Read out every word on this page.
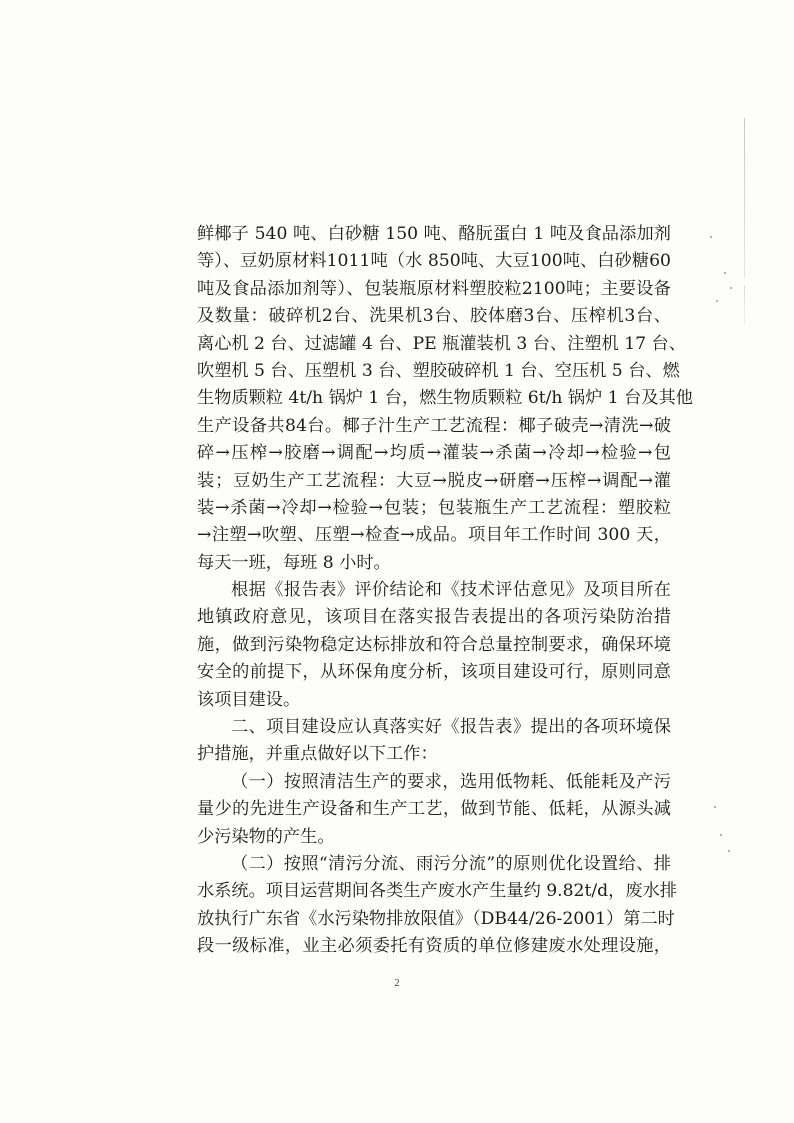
鲜椰子 540 吨、白砂糖 150 吨、酪朊蛋白 1 吨及食品添加剂
等）、豆奶原材料1011吨（水 850吨、大豆100吨、白砂糖60
吨及食品添加剂等）、包装瓶原材料塑胶粒2100吨；主要设备
及数量：破碎机2台、洗果机3台、胶体磨3台、压榨机3台、
离心机 2 台、过滤罐 4 台、PE 瓶灌装机 3 台、注塑机 17 台、
吹塑机 5 台、压塑机 3 台、塑胶破碎机 1 台、空压机 5 台、燃
生物质颗粒 4t/h 锅炉 1 台，燃生物质颗粒 6t/h 锅炉 1 台及其他
生产设备共84台。椰子汁生产工艺流程：椰子破壳→清洗→破
碎→压榨→胶磨→调配→均质→灌装→杀菌→冷却→检验→包
装；豆奶生产工艺流程：大豆→脱皮→研磨→压榨→调配→灌
装→杀菌→冷却→检验→包装；包装瓶生产工艺流程：塑胶粒
→注塑→吹塑、压塑→检查→成品。项目年工作时间 300 天，
每天一班，每班 8 小时。
根据《报告表》评价结论和《技术评估意见》及项目所在
地镇政府意见，该项目在落实报告表提出的各项污染防治措
施，做到污染物稳定达标排放和符合总量控制要求，确保环境
安全的前提下，从环保角度分析，该项目建设可行，原则同意
该项目建设。
二、项目建设应认真落实好《报告表》提出的各项环境保
护措施，并重点做好以下工作：
（一）按照清洁生产的要求，选用低物耗、低能耗及产污
量少的先进生产设备和生产工艺，做到节能、低耗，从源头减
少污染物的产生。
（二）按照“清污分流、雨污分流”的原则优化设置给、排
水系统。项目运营期间各类生产废水产生量约 9.82t/d，废水排
放执行广东省《水污染物排放限值》（DB44/26-2001）第二时
段一级标准，业主必须委托有资质的单位修建废水处理设施，
2
